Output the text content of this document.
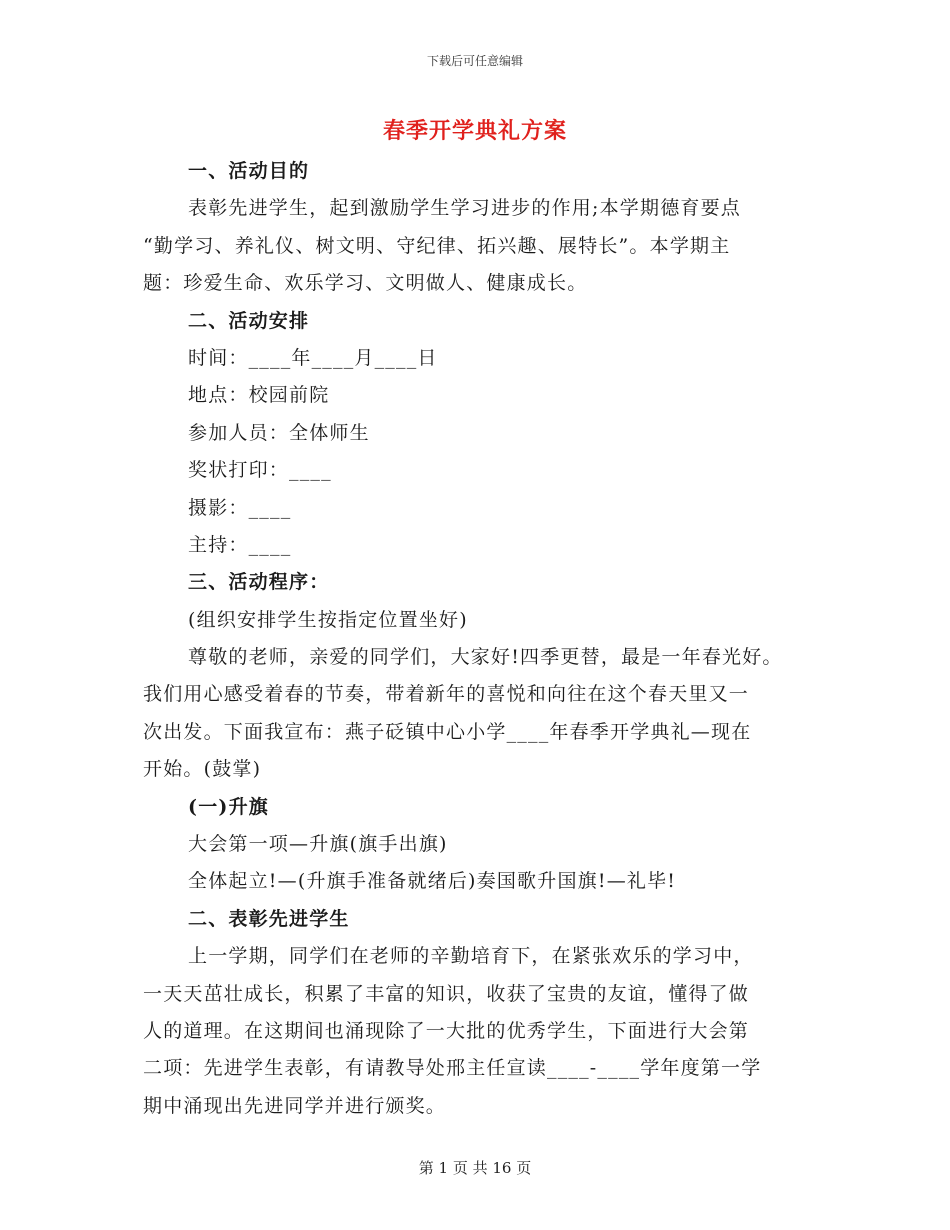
下载后可任意编辑
春季开学典礼方案
一、活动目的
表彰先进学生，起到激励学生学习进步的作用;本学期德育要点
“勤学习、养礼仪、树文明、守纪律、拓兴趣、展特长”。本学期主
题：珍爱生命、欢乐学习、文明做人、健康成长。
二、活动安排
时间：____年____月____日
地点：校园前院
参加人员：全体师生
奖状打印：____
摄影：____
主持：____
三、活动程序：
(组织安排学生按指定位置坐好)
尊敬的老师，亲爱的同学们，大家好!四季更替，最是一年春光好。
我们用心感受着春的节奏，带着新年的喜悦和向往在这个春天里又一
次出发。下面我宣布：燕子砭镇中心小学____年春季开学典礼—现在
开始。(鼓掌)
(一)升旗
大会第一项—升旗(旗手出旗)
全体起立!—(升旗手准备就绪后)奏国歌升国旗!—礼毕!
二、表彰先进学生
上一学期，同学们在老师的辛勤培育下，在紧张欢乐的学习中，
一天天茁壮成长，积累了丰富的知识，收获了宝贵的友谊，懂得了做
人的道理。在这期间也涌现除了一大批的优秀学生，下面进行大会第
二项：先进学生表彰，有请教导处邢主任宣读____-____学年度第一学
期中涌现出先进同学并进行颁奖。
第 1 页 共 16 页
